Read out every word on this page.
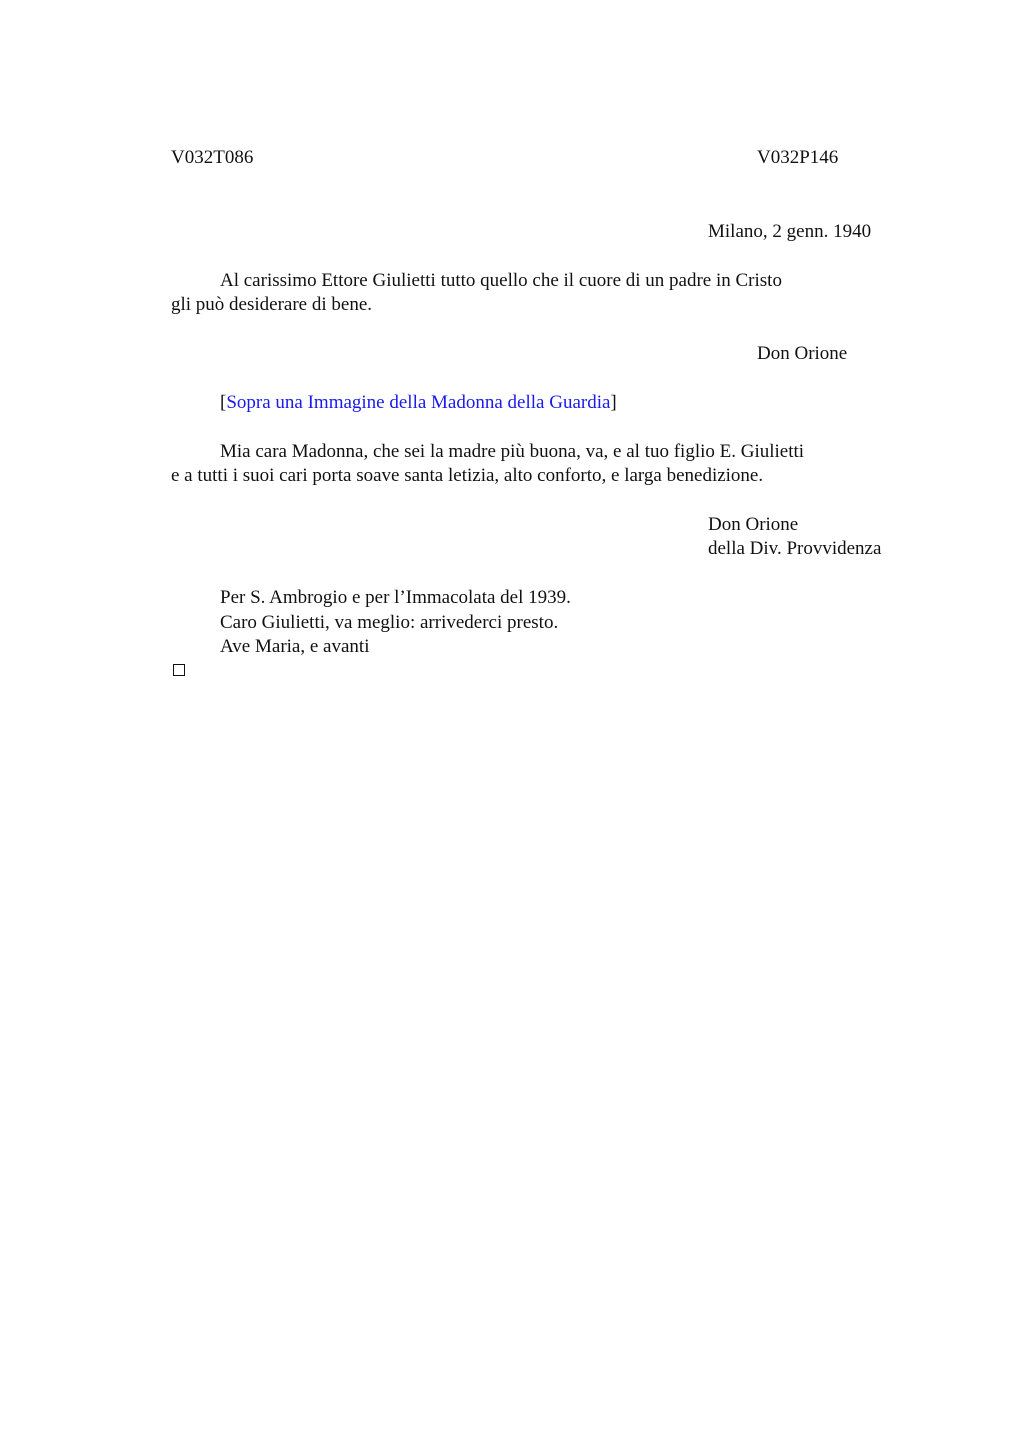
V032T086	V032P146
Milano, 2 genn. 1940
Al carissimo Ettore Giulietti tutto quello che il cuore di un padre in Cristo
gli può desiderare di bene.
Don Orione
[Sopra una Immagine della Madonna della Guardia]
Mia cara Madonna, che sei la madre più buona, va, e al tuo figlio E. Giulietti
e a tutti i suoi cari porta soave santa letizia, alto conforto, e larga benedizione.
Don Orione
della Div. Provvidenza
Per S. Ambrogio e per l’Immacolata del 1939.
Caro Giulietti, va meglio: arrivederci presto.
Ave Maria, e avanti
